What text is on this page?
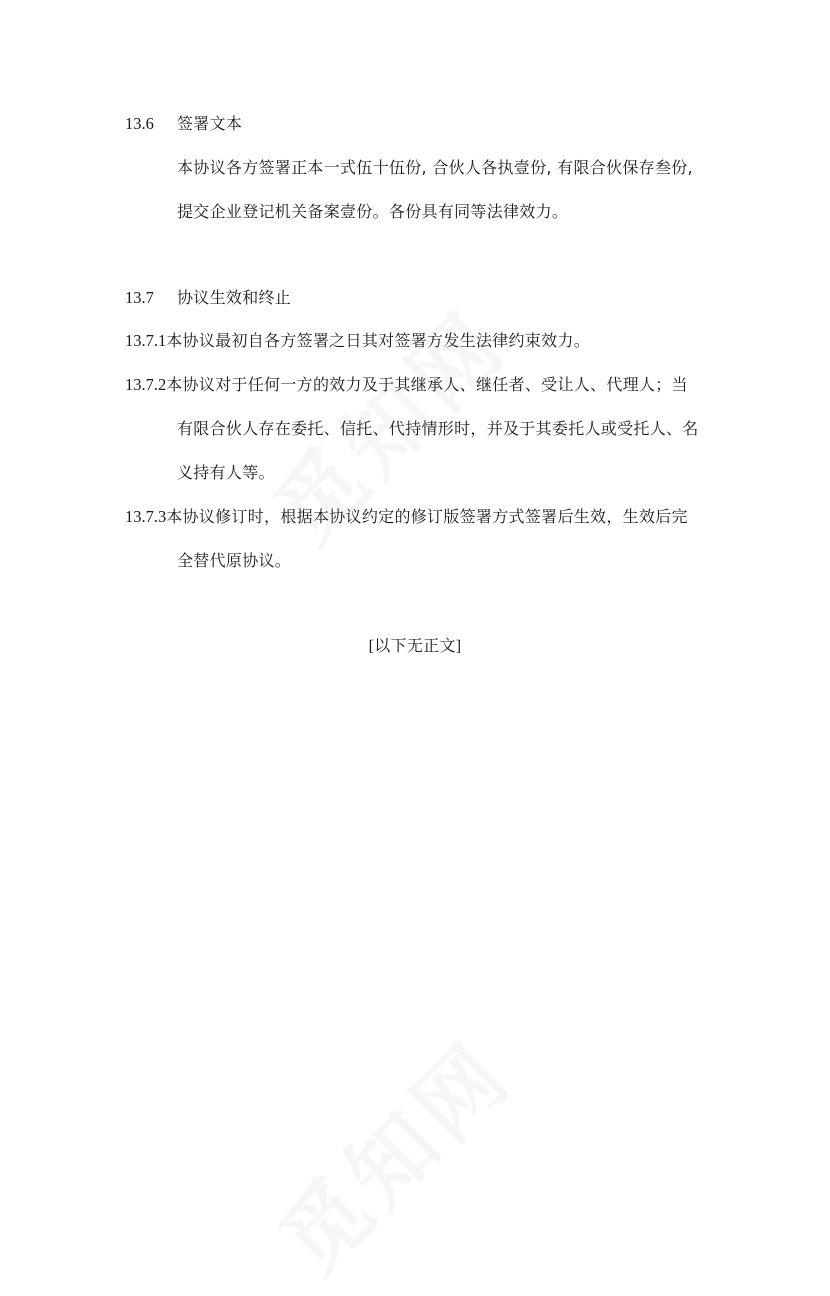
13.6 签署文本
本协议各方签署正本一式伍十伍份, 合伙人各执壹份, 有限合伙保存叁份,
提交企业登记机关备案壹份。各份具有同等法律效力。
13.7 协议生效和终止
13.7.1本协议最初自各方签署之日其对签署方发生法律约束效力。
13.7.2本协议对于任何一方的效力及于其继承人、继任者、受让人、代理人；当
有限合伙人存在委托、信托、代持情形时，并及于其委托人或受托人、名
义持有人等。
13.7.3本协议修订时，根据本协议约定的修订版签署方式签署后生效，生效后完
全替代原协议。
[以下无正文]
